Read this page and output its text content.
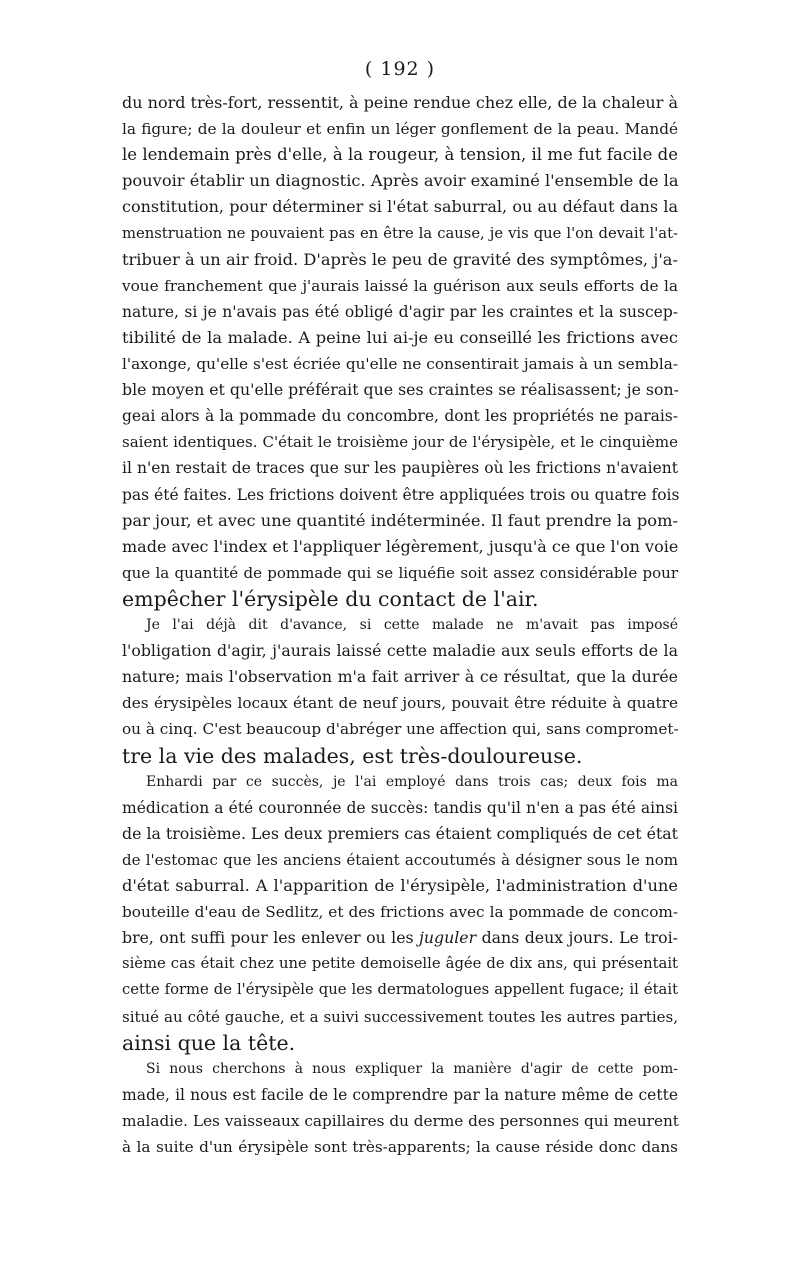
( 192 )
du nord très-fort, ressentit, à peine rendue chez elle, de la chaleur à
la figure; de la douleur et enfin un léger gonflement de la peau. Mandé
le lendemain près d'elle, à la rougeur, à tension, il me fut facile de
pouvoir établir un diagnostic. Après avoir examiné l'ensemble de la
constitution, pour déterminer si l'état saburral, ou au défaut dans la
menstruation ne pouvaient pas en être la cause, je vis que l'on devait l'at-
tribuer à un air froid. D'après le peu de gravité des symptômes, j'a-
voue franchement que j'aurais laissé la guérison aux seuls efforts de la
nature, si je n'avais pas été obligé d'agir par les craintes et la suscep-
tibilité de la malade. A peine lui ai-je eu conseillé les frictions avec
l'axonge, qu'elle s'est écriée qu'elle ne consentirait jamais à un sembla-
ble moyen et qu'elle préférait que ses craintes se réalisassent; je son-
geai alors à la pommade du concombre, dont les propriétés ne parais-
saient identiques. C'était le troisième jour de l'érysipèle, et le cinquième
il n'en restait de traces que sur les paupières où les frictions n'avaient
pas été faites. Les frictions doivent être appliquées trois ou quatre fois
par jour, et avec une quantité indéterminée. Il faut prendre la pom-
made avec l'index et l'appliquer légèrement, jusqu'à ce que l'on voie
que la quantité de pommade qui se liquéfie soit assez considérable pour
empêcher l'érysipèle du contact de l'air.
Je l'ai déjà dit d'avance, si cette malade ne m'avait pas imposé
l'obligation d'agir, j'aurais laissé cette maladie aux seuls efforts de la
nature; mais l'observation m'a fait arriver à ce résultat, que la durée
des érysipèles locaux étant de neuf jours, pouvait être réduite à quatre
ou à cinq. C'est beaucoup d'abréger une affection qui, sans compromet-
tre la vie des malades, est très-douloureuse.
Enhardi par ce succès, je l'ai employé dans trois cas; deux fois ma
médication a été couronnée de succès: tandis qu'il n'en a pas été ainsi
de la troisième. Les deux premiers cas étaient compliqués de cet état
de l'estomac que les anciens étaient accoutumés à désigner sous le nom
d'état saburral. A l'apparition de l'érysipèle, l'administration d'une
bouteille d'eau de Sedlitz, et des frictions avec la pommade de concom-
bre, ont suffi pour les enlever ou les juguler dans deux jours. Le troi-
sième cas était chez une petite demoiselle âgée de dix ans, qui présentait
cette forme de l'érysipèle que les dermatologues appellent fugace; il était
situé au côté gauche, et a suivi successivement toutes les autres parties,
ainsi que la tête.
Si nous cherchons à nous expliquer la manière d'agir de cette pom-
made, il nous est facile de le comprendre par la nature même de cette
maladie. Les vaisseaux capillaires du derme des personnes qui meurent
à la suite d'un érysipèle sont très-apparents; la cause réside donc dans
